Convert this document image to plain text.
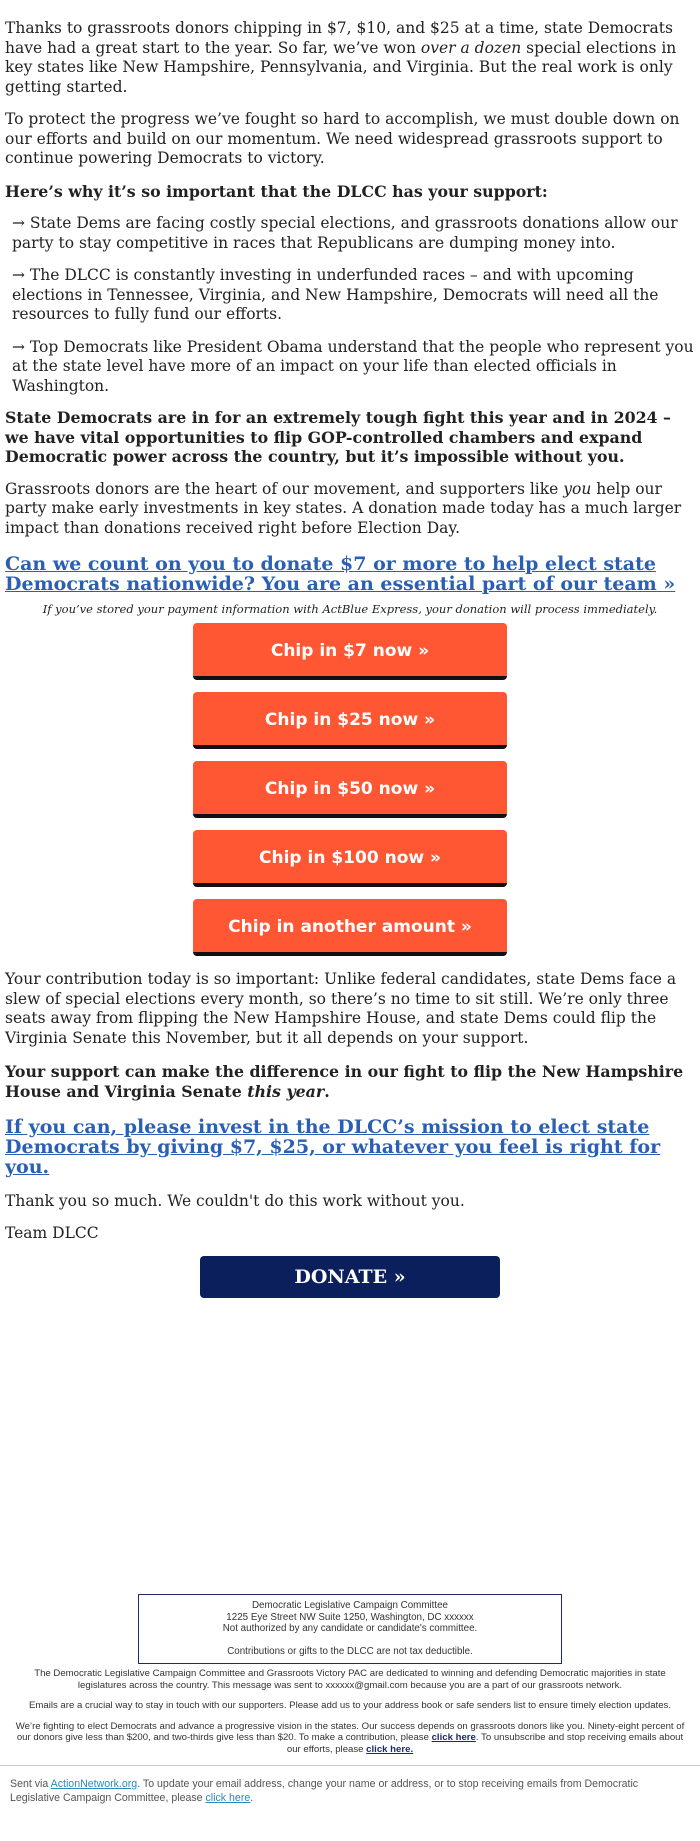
Thanks to grassroots donors chipping in $7, $10, and $25 at a time, state Democrats have had a great start to the year. So far, we’ve won over a dozen special elections in key states like New Hampshire, Pennsylvania, and Virginia. But the real work is only getting started.

To protect the progress we’ve fought so hard to accomplish, we must double down on our efforts and build on our momentum. We need widespread grassroots support to continue powering Democrats to victory.

Here’s why it’s so important that the DLCC has your support:

→ State Dems are facing costly special elections, and grassroots donations allow our party to stay competitive in races that Republicans are dumping money into.

→ The DLCC is constantly investing in underfunded races – and with upcoming elections in Tennessee, Virginia, and New Hampshire, Democrats will need all the resources to fully fund our efforts.

→ Top Democrats like President Obama understand that the people who represent you at the state level have more of an impact on your life than elected officials in Washington.

State Democrats are in for an extremely tough fight this year and in 2024 – we have vital opportunities to flip GOP-controlled chambers and expand Democratic power across the country, but it’s impossible without you.

Grassroots donors are the heart of our movement, and supporters like you help our party make early investments in key states. A donation made today has a much larger impact than donations received right before Election Day.

Can we count on you to donate $7 or more to help elect state Democrats nationwide? You are an essential part of our team »

If you’ve stored your payment information with ActBlue Express, your donation will process immediately.

Chip in $7 now »
Chip in $25 now »
Chip in $50 now »
Chip in $100 now »
Chip in another amount »

Your contribution today is so important: Unlike federal candidates, state Dems face a slew of special elections every month, so there’s no time to sit still. We’re only three seats away from flipping the New Hampshire House, and state Dems could flip the Virginia Senate this November, but it all depends on your support.

Your support can make the difference in our fight to flip the New Hampshire House and Virginia Senate this year.

If you can, please invest in the DLCC’s mission to elect state Democrats by giving $7, $25, or whatever you feel is right for you.

Thank you so much. We couldn't do this work without you.

Team DLCC

DONATE »
Democratic Legislative Campaign Committee
1225 Eye Street NW Suite 1250, Washington, DC xxxxxx
Not authorized by any candidate or candidate's committee.
Contributions or gifts to the DLCC are not tax deductible.

The Democratic Legislative Campaign Committee and Grassroots Victory PAC are dedicated to winning and defending Democratic majorities in state legislatures across the country. This message was sent to xxxxxx@gmail.com because you are a part of our grassroots network.

Emails are a crucial way to stay in touch with our supporters. Please add us to your address book or safe senders list to ensure timely election updates.

We’re fighting to elect Democrats and advance a progressive vision in the states. Our success depends on grassroots donors like you. Ninety-eight percent of our donors give less than $200, and two-thirds give less than $20. To make a contribution, please click here. To unsubscribe and stop receiving emails about our efforts, please click here.

Sent via ActionNetwork.org. To update your email address, change your name or address, or to stop receiving emails from Democratic Legislative Campaign Committee, please click here.
